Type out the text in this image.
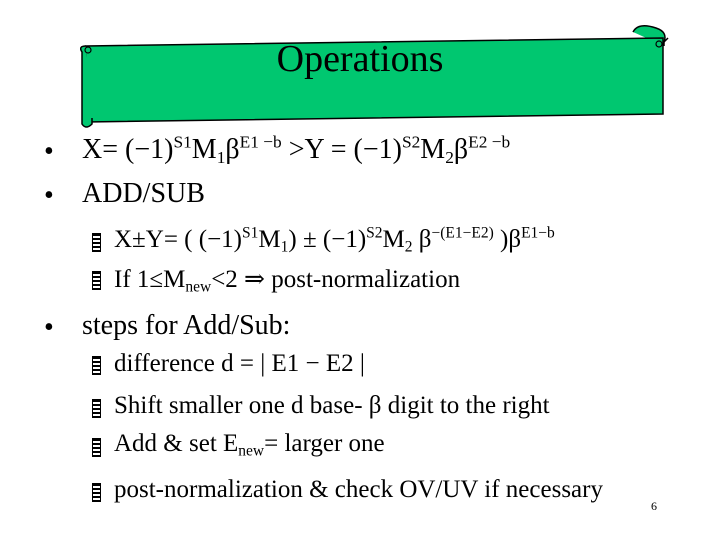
Operations
• $X= (-1)^{S1}M_1\beta^{E1 -b} >Y = (-1)^{S2}M_2\beta^{E2 -b}$
• ADD/SUB
X±Y= ( $(-1)^{S1}M_1) \pm (-1)^{S2}M_2$ $\beta^{-(E1-E2)}$ )$\beta^{E1-b}$
If $1\le M_{new}<2$ ⇒ post-normalization
• steps for Add/Sub:
difference d = | E1 − E2 |
Shift smaller one d base- β digit to the right
Add & set $E_{new}=$ larger one
post-normalization & check OV/UV if necessary
6
